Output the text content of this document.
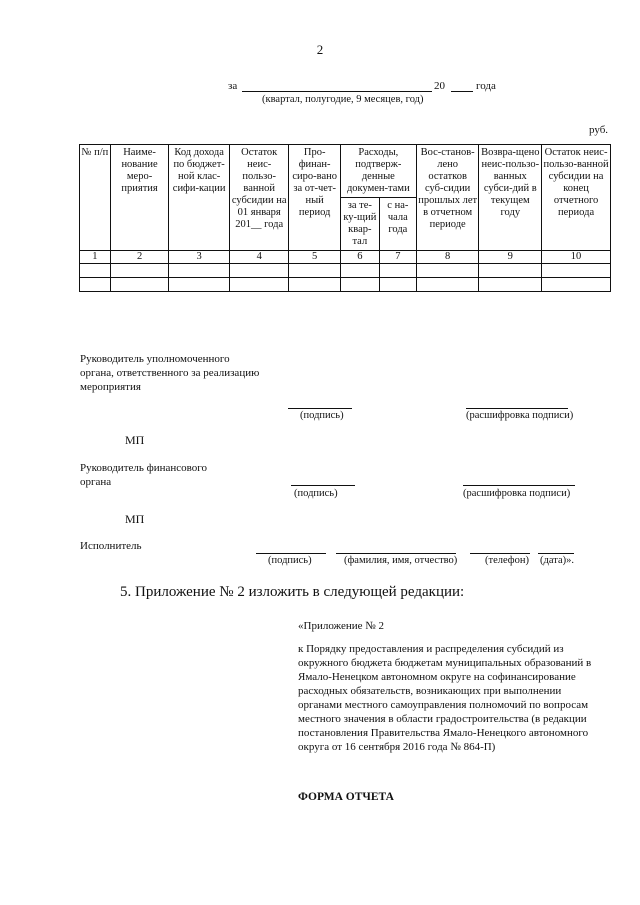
2
за	20	года
(квартал, полугодие, 9 месяцев, год)
руб.
№ п/п	Наиме-нование меро-приятия	Код дохода по бюджет-ной клас-сифи-кации	Остаток неис-пользо-ванной субсидии на 01 января 201__ года	Про-финан-сиро-вано за от-чет-ный период	Расходы, подтверж-денные докумен-тами		Вос-станов-лено остатков суб-сидии прошлых лет в отчетном периоде	Возвра-щено неис-пользо-ванных субси-дий в текущем году	Остаток неис-пользо-ванной субсидии на конец отчетного периода
					за те-ку-щий квар-тал	с на-чала года			
1	2	3	4	5	6	7	8	9	10

Руководитель уполномоченного органа, ответственного за реализацию мероприятия
(подпись)	(расшифровка подписи)
МП
Руководитель финансового органа
(подпись)	(расшифровка подписи)
МП
Исполнитель
(подпись)	(фамилия, имя, отчество)	(телефон) (дата)».
5. Приложение № 2 изложить в следующей редакции:
«Приложение № 2
к Порядку предоставления и распределения субсидий из окружного бюджета бюджетам муниципальных образований в Ямало-Ненецком автономном округе на софинансирование расходных обязательств, возникающих при выполнении органами местного самоуправления полномочий по вопросам местного значения в области градостроительства (в редакции постановления Правительства Ямало-Ненецкого автономного округа от 16 сентября 2016 года № 864-П)
ФОРМА ОТЧЕТА
